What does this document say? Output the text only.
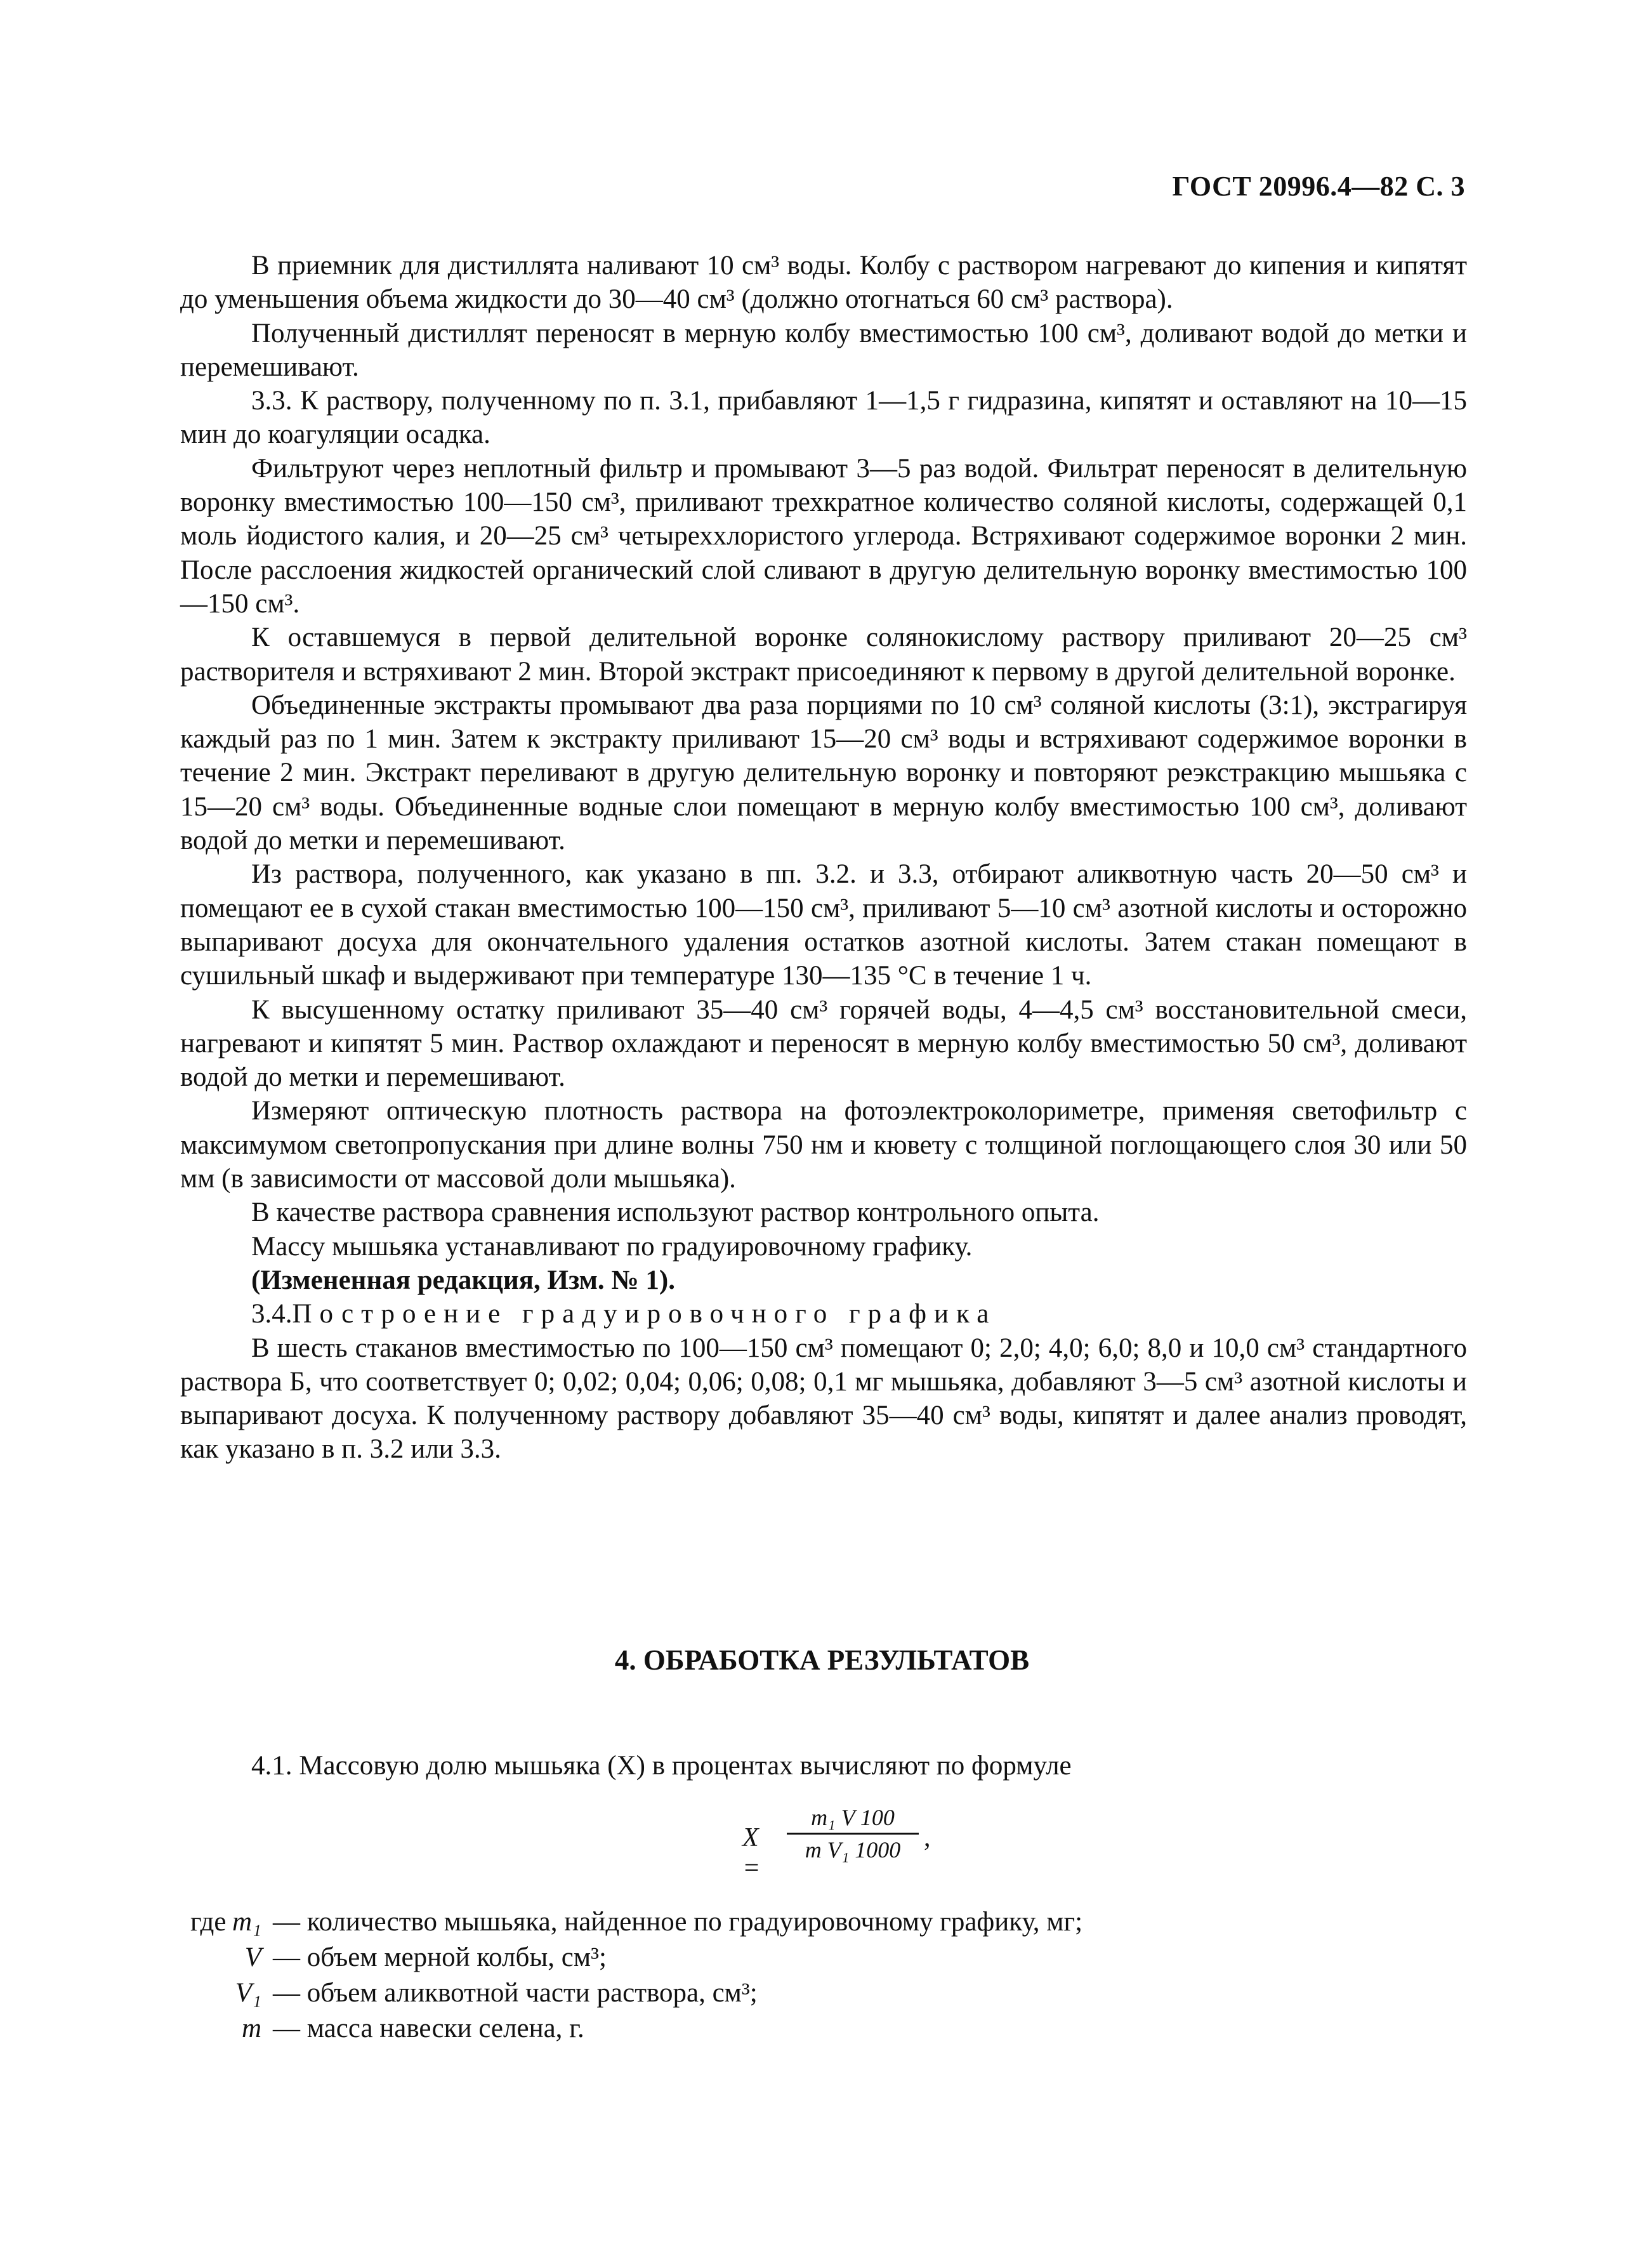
ГОСТ 20996.4—82 С. 3

В приемник для дистиллята наливают 10 см³ воды. Колбу с раствором нагревают до кипения и кипятят до уменьшения объема жидкости до 30—40 см³ (должно отогнаться 60 см³ раствора).

Полученный дистиллят переносят в мерную колбу вместимостью 100 см³, доливают водой до метки и перемешивают.

3.3. К раствору, полученному по п. 3.1, прибавляют 1—1,5 г гидразина, кипятят и оставляют на 10—15 мин до коагуляции осадка.

Фильтруют через неплотный фильтр и промывают 3—5 раз водой. Фильтрат переносят в делительную воронку вместимостью 100—150 см³, приливают трехкратное количество соляной кислоты, содержащей 0,1 моль йодистого калия, и 20—25 см³ четыреххлористого углерода. Встряхивают содержимое воронки 2 мин. После расслоения жидкостей органический слой сливают в другую делительную воронку вместимостью 100—150 см³.

К оставшемуся в первой делительной воронке солянокислому раствору приливают 20—25 см³ растворителя и встряхивают 2 мин. Второй экстракт присоединяют к первому в другой делительной воронке.

Объединенные экстракты промывают два раза порциями по 10 см³ соляной кислоты (3:1), экстрагируя каждый раз по 1 мин. Затем к экстракту приливают 15—20 см³ воды и встряхивают содержимое воронки в течение 2 мин. Экстракт переливают в другую делительную воронку и повторяют реэкстракцию мышьяка с 15—20 см³ воды. Объединенные водные слои помещают в мерную колбу вместимостью 100 см³, доливают водой до метки и перемешивают.

Из раствора, полученного, как указано в пп. 3.2. и 3.3, отбирают аликвотную часть 20—50 см³ и помещают ее в сухой стакан вместимостью 100—150 см³, приливают 5—10 см³ азотной кислоты и осторожно выпаривают досуха для окончательного удаления остатков азотной кислоты. Затем стакан помещают в сушильный шкаф и выдерживают при температуре 130—135 °С в течение 1 ч.

К высушенному остатку приливают 35—40 см³ горячей воды, 4—4,5 см³ восстановительной смеси, нагревают и кипятят 5 мин. Раствор охлаждают и переносят в мерную колбу вместимостью 50 см³, доливают водой до метки и перемешивают.

Измеряют оптическую плотность раствора на фотоэлектроколориметре, применяя светофильтр с максимумом светопропускания при длине волны 750 нм и кювету с толщиной поглощающего слоя 30 или 50 мм (в зависимости от массовой доли мышьяка).

В качестве раствора сравнения используют раствор контрольного опыта.

Массу мышьяка устанавливают по градуировочному графику.

(Измененная редакция, Изм. № 1).

3.4.Построение градуировочного графика

В шесть стаканов вместимостью по 100—150 см³ помещают 0; 2,0; 4,0; 6,0; 8,0 и 10,0 см³ стандартного раствора Б, что соответствует 0; 0,02; 0,04; 0,06; 0,08; 0,1 мг мышьяка, добавляют 3—5 см³ азотной кислоты и выпаривают досуха. К полученному раствору добавляют 35—40 см³ воды, кипятят и далее анализ проводят, как указано в п. 3.2 или 3.3.

4. ОБРАБОТКА РЕЗУЛЬТАТОВ
4.1. Массовую долю мышьяка (X) в процентах вычисляют по формуле
X =
m₁ V 100
m V₁ 1000 ,
где m₁ — количество мышьяка, найденное по градуировочному графику, мг;
V — объем мерной колбы, см³;
V₁ — объем аликвотной части раствора, см³;
m — масса навески селена, г.
